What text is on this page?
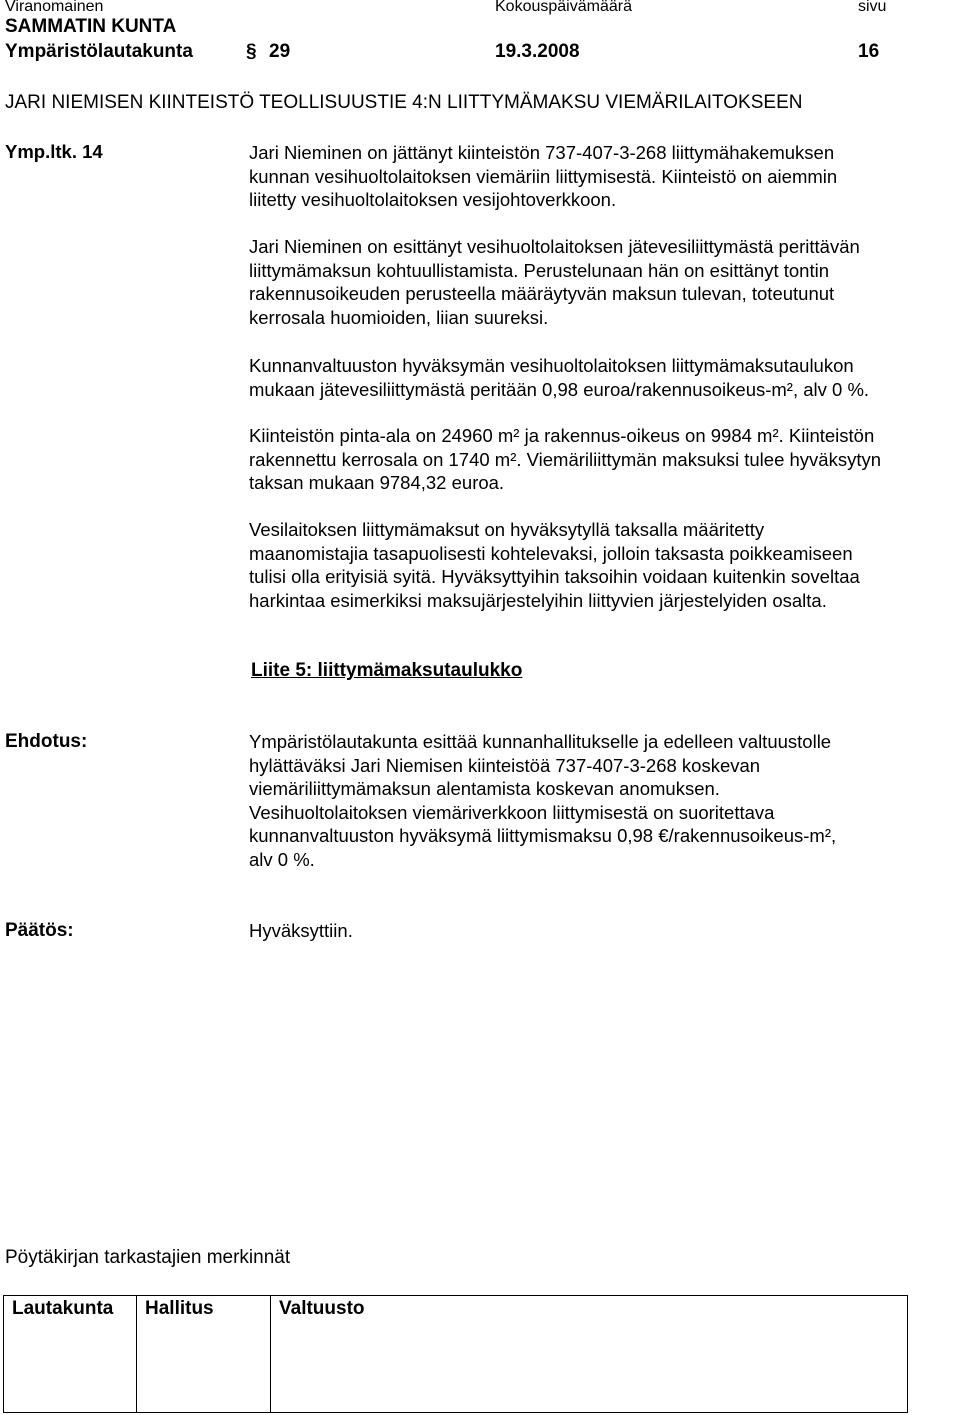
Viranomainen	Kokouspäivämäärä	sivu
SAMMATIN KUNTA
Ympäristölautakunta	§ 29	19.3.2008	16
JARI NIEMISEN KIINTEISTÖ TEOLLISUUSTIE 4:N LIITTYMÄMAKSU VIEMÄRILAITOKSEEN
Ymp.ltk. 14	Jari Nieminen on jättänyt kiinteistön 737-407-3-268 liittymähakemuksen
kunnan vesihuoltolaitoksen viemäriin liittymisestä. Kiinteistö on aiemmin
liitetty vesihuoltolaitoksen vesijohtoverkkoon.
Jari Nieminen on esittänyt vesihuoltolaitoksen jätevesiliittymästä perittävän
liittymämaksun kohtuullistamista. Perustelunaan hän on esittänyt tontin
rakennusoikeuden perusteella määräytyvän maksun tulevan, toteutunut
kerrosala huomioiden, liian suureksi.
Kunnanvaltuuston hyväksymän vesihuoltolaitoksen liittymämaksutaulukon
mukaan jätevesiliittymästä peritään 0,98 euroa/rakennusoikeus-m², alv 0 %.
Kiinteistön pinta-ala on 24960 m² ja rakennus-oikeus on 9984 m². Kiinteistön
rakennettu kerrosala on 1740 m². Viemäriliittymän maksuksi tulee hyväksytyn
taksan mukaan 9784,32 euroa.
Vesilaitoksen liittymämaksut on hyväksytyllä taksalla määritetty
maanomistajia tasapuolisesti kohtelevaksi, jolloin taksasta poikkeamiseen
tulisi olla erityisiä syitä. Hyväksyttyihin taksoihin voidaan kuitenkin soveltaa
harkintaa esimerkiksi maksujärjestelyihin liittyvien järjestelyiden osalta.
Liite 5: liittymämaksutaulukko
Ehdotus:	Ympäristölautakunta esittää kunnanhallitukselle ja edelleen valtuustolle
hylättäväksi Jari Niemisen kiinteistöä 737-407-3-268 koskevan
viemäriliittymämaksun alentamista koskevan anomuksen.
Vesihuoltolaitoksen viemäriverkkoon liittymisestä on suoritettava
kunnanvaltuuston hyväksymä liittymismaksu 0,98 €/rakennusoikeus-m²,
alv 0 %.
Päätös:	Hyväksyttiin.
Pöytäkirjan tarkastajien merkinnät
Lautakunta	Hallitus	Valtuusto
